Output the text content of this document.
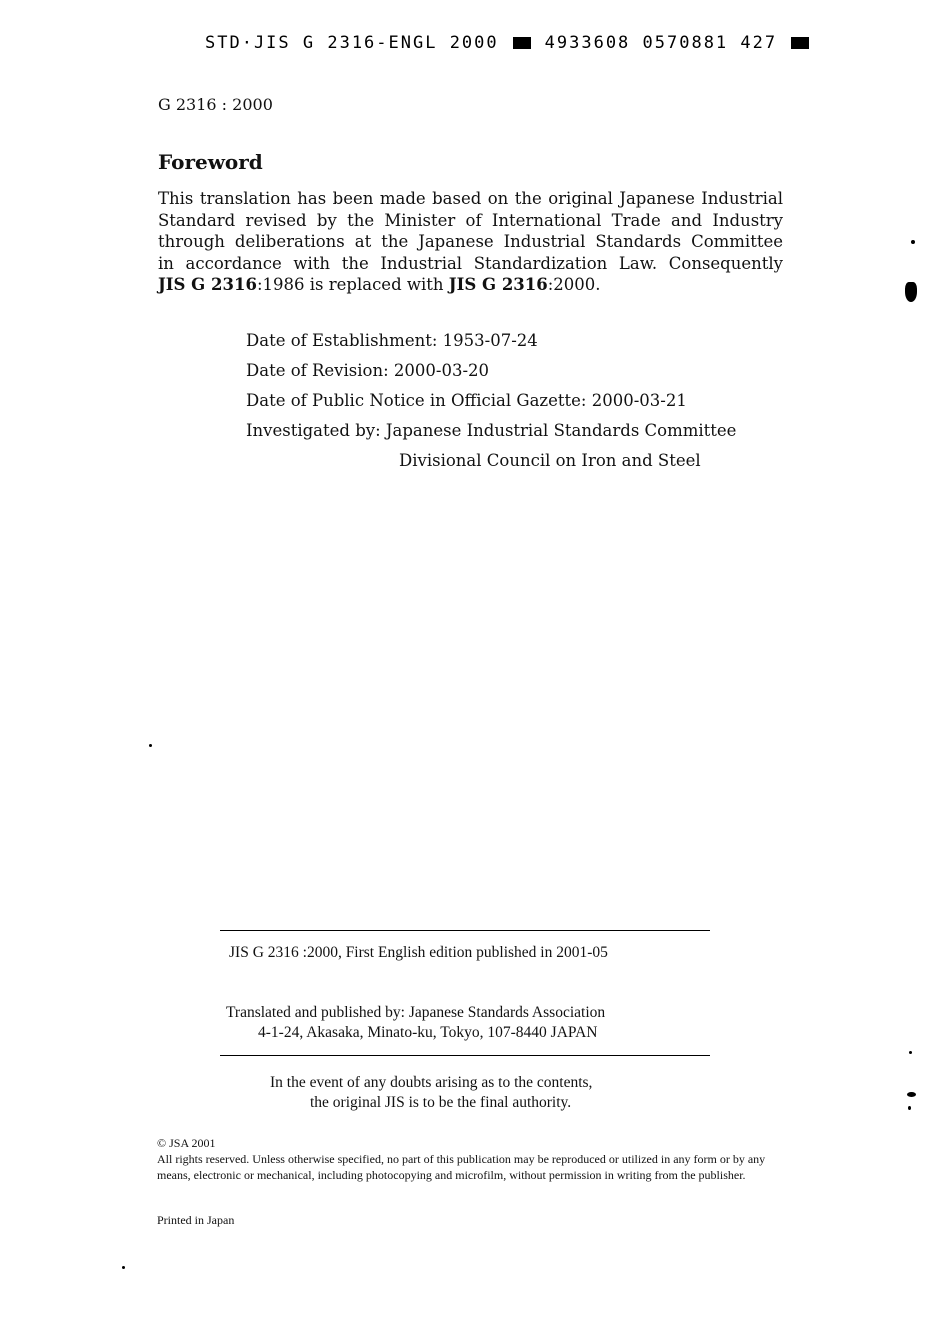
STD·JIS G 2316-ENGL 2000	4933608 0570881 427
G 2316 : 2000
Foreword
This translation has been made based on the original Japanese Industrial
Standard revised by the Minister of International Trade and Industry
through deliberations at the Japanese Industrial Standards Committee
in accordance with the Industrial Standardization Law. Consequently
JIS G 2316:1986 is replaced with JIS G 2316:2000.
Date of Establishment: 1953-07-24
Date of Revision: 2000-03-20
Date of Public Notice in Official Gazette: 2000-03-21
Investigated by: Japanese Industrial Standards Committee
Divisional Council on Iron and Steel
JIS G 2316 :2000, First English edition published in 2001-05
Translated and published by: Japanese Standards Association
4-1-24, Akasaka, Minato-ku, Tokyo, 107-8440 JAPAN
In the event of any doubts arising as to the contents,
the original JIS is to be the final authority.
© JSA 2001
All rights reserved. Unless otherwise specified, no part of this publication may be reproduced or utilized in any form or by any means, electronic or mechanical, including photocopying and microfilm, without permission in writing from the publisher.
Printed in Japan
